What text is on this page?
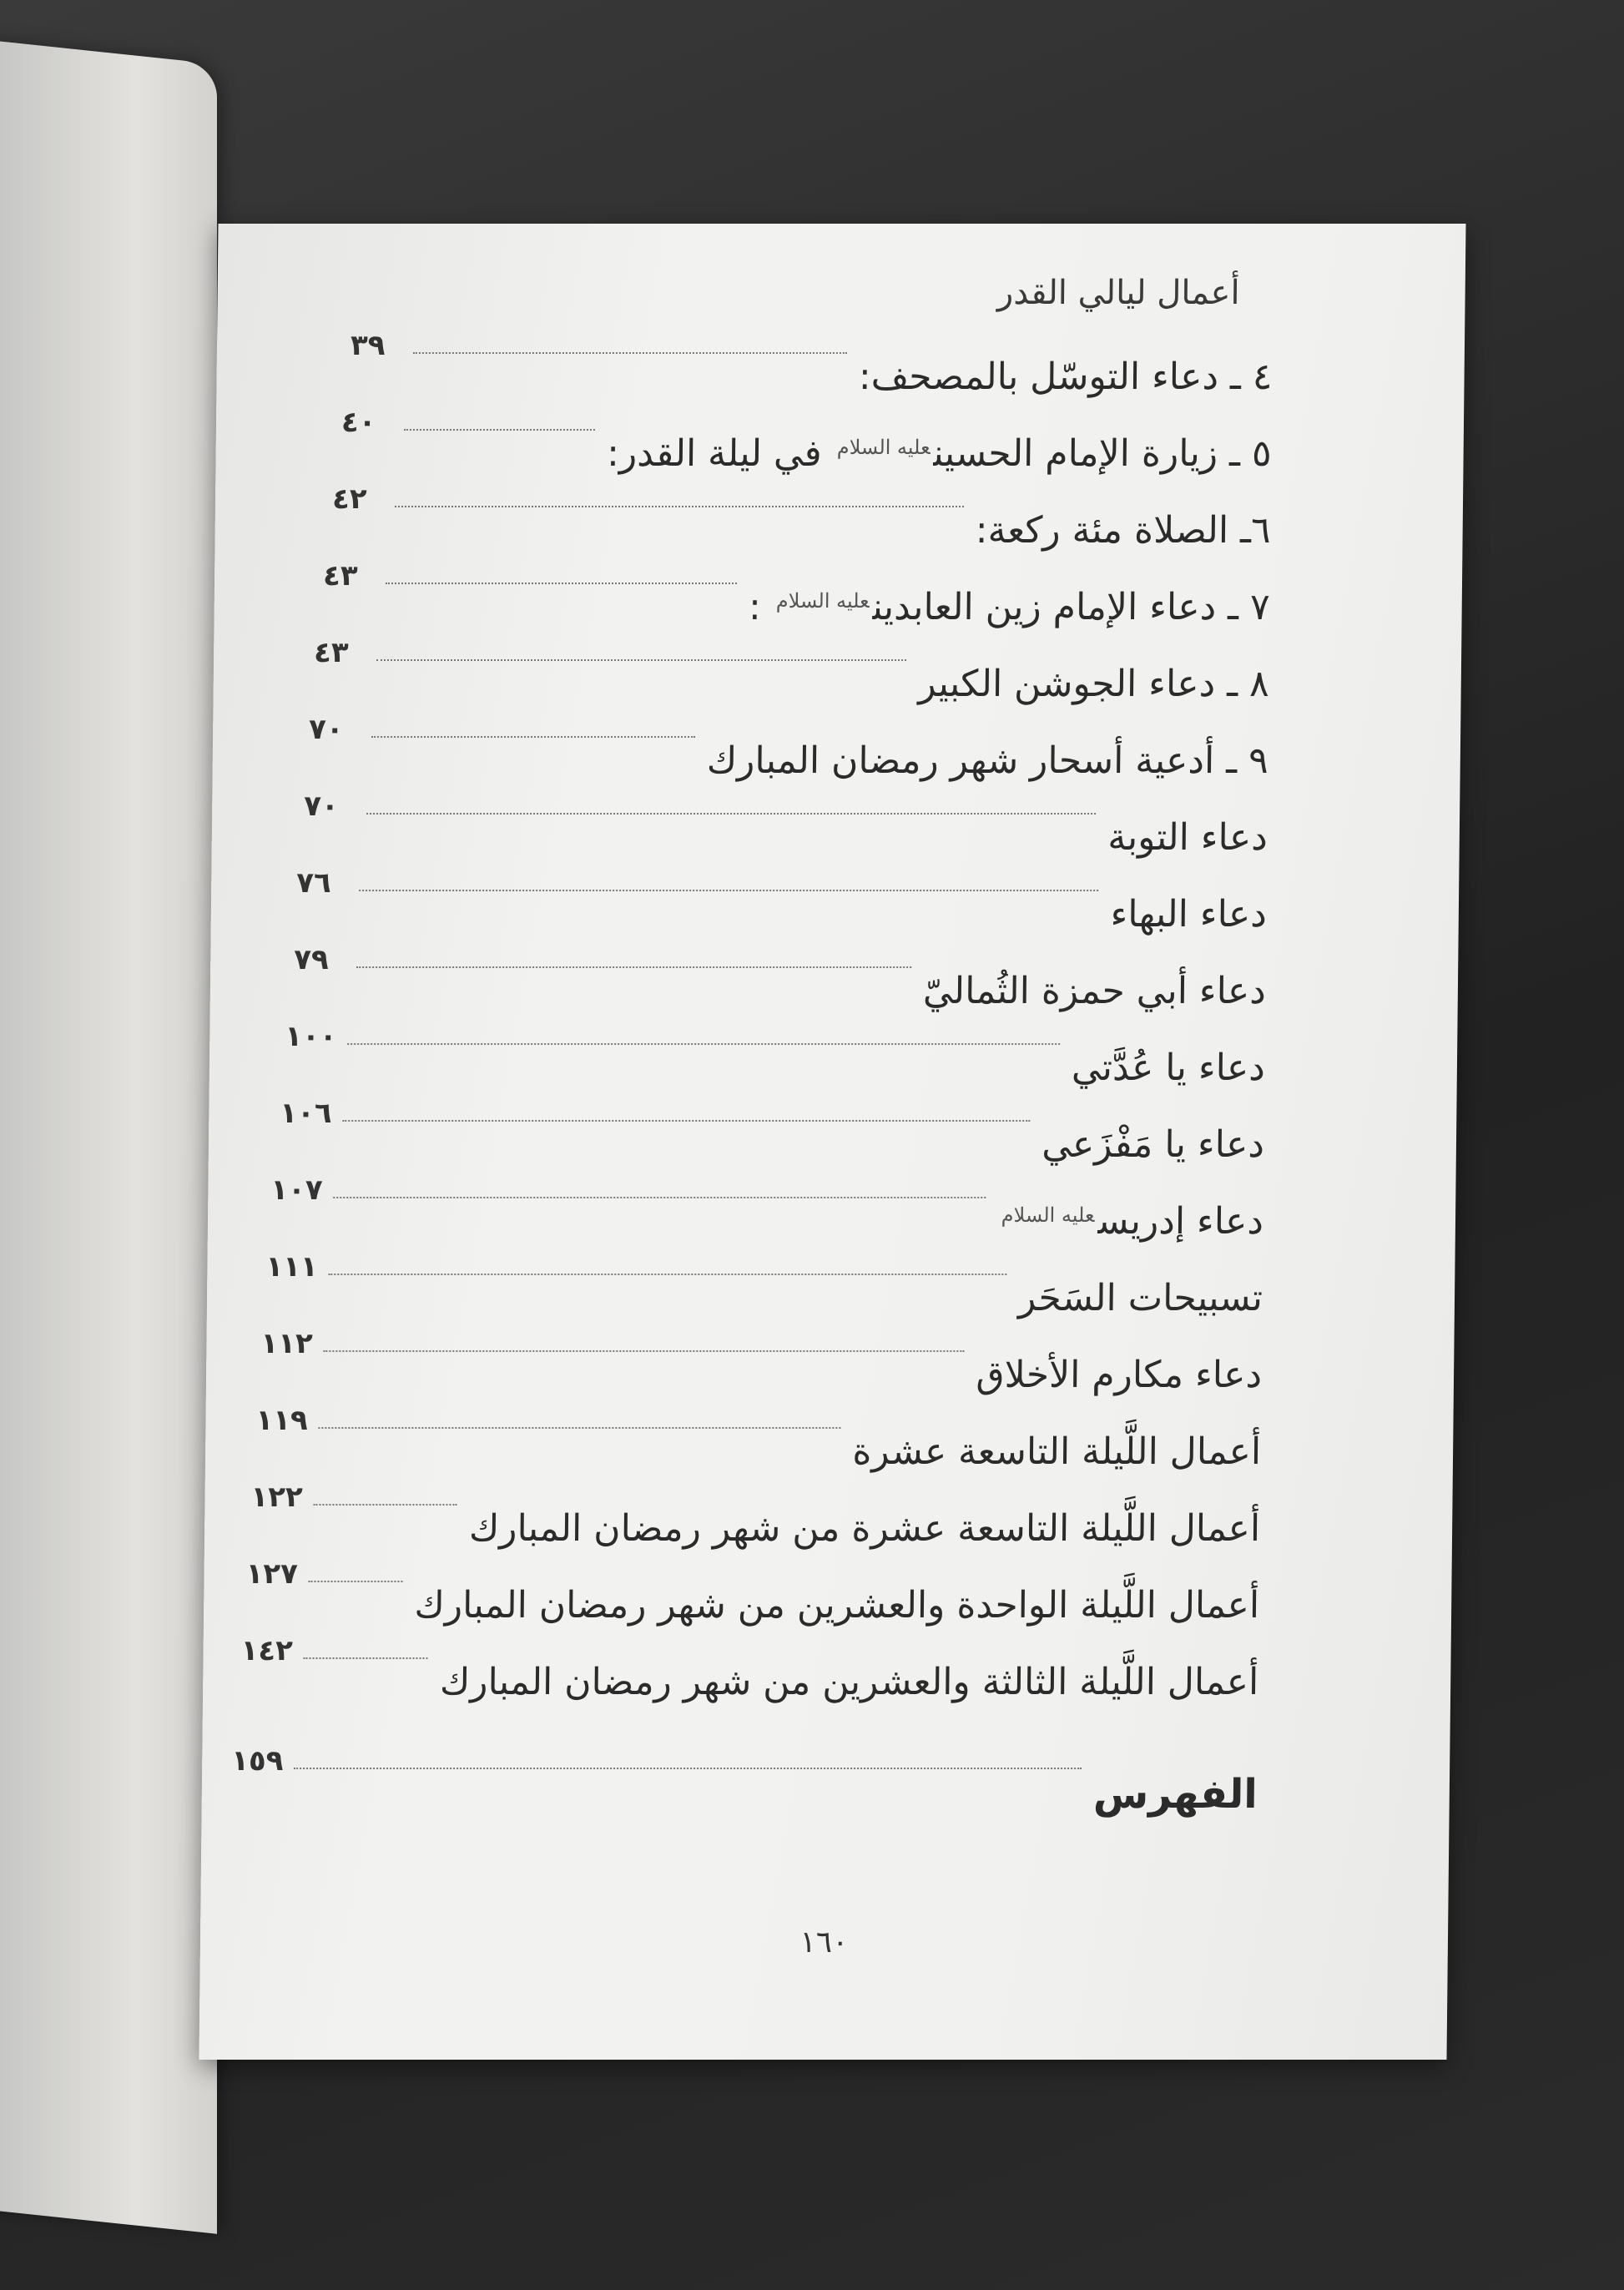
أعمال ليالي القدر
٤ ـ دعاء التوسّل بالمصحف:
٣٩
٥ ـ زيارة الإمام الحسين$^{عليه السلام}$ في ليلة القدر:
٤٠
٦ـ الصلاة مئة ركعة:
٤٢
٧ ـ دعاء الإمام زين العابدين$^{عليه السلام}$ :
٤٣
٨ ـ دعاء الجوشن الكبير
٤٣
٩ ـ أدعية أسحار شهر رمضان المبارك
٧٠
دعاء التوبة
٧٠
دعاء البهاء
٧٦
دعاء أبي حمزة الثُماليّ
٧٩
دعاء يا عُدَّتي
١٠٠
دعاء يا مَفْزَعي
١٠٦
دعاء إدريس$^{عليه السلام}$
١٠٧
تسبيحات السَحَر
١١١
دعاء مكارم الأخلاق
١١٢
أعمال اللَّيلة التاسعة عشرة
١١٩
أعمال اللَّيلة التاسعة عشرة من شهر رمضان المبارك
١٢٢
أعمال اللَّيلة الواحدة والعشرين من شهر رمضان المبارك
١٢٧
أعمال اللَّيلة الثالثة والعشرين من شهر رمضان المبارك
١٤٢
الفهرس
١٥٩
١٦٠
